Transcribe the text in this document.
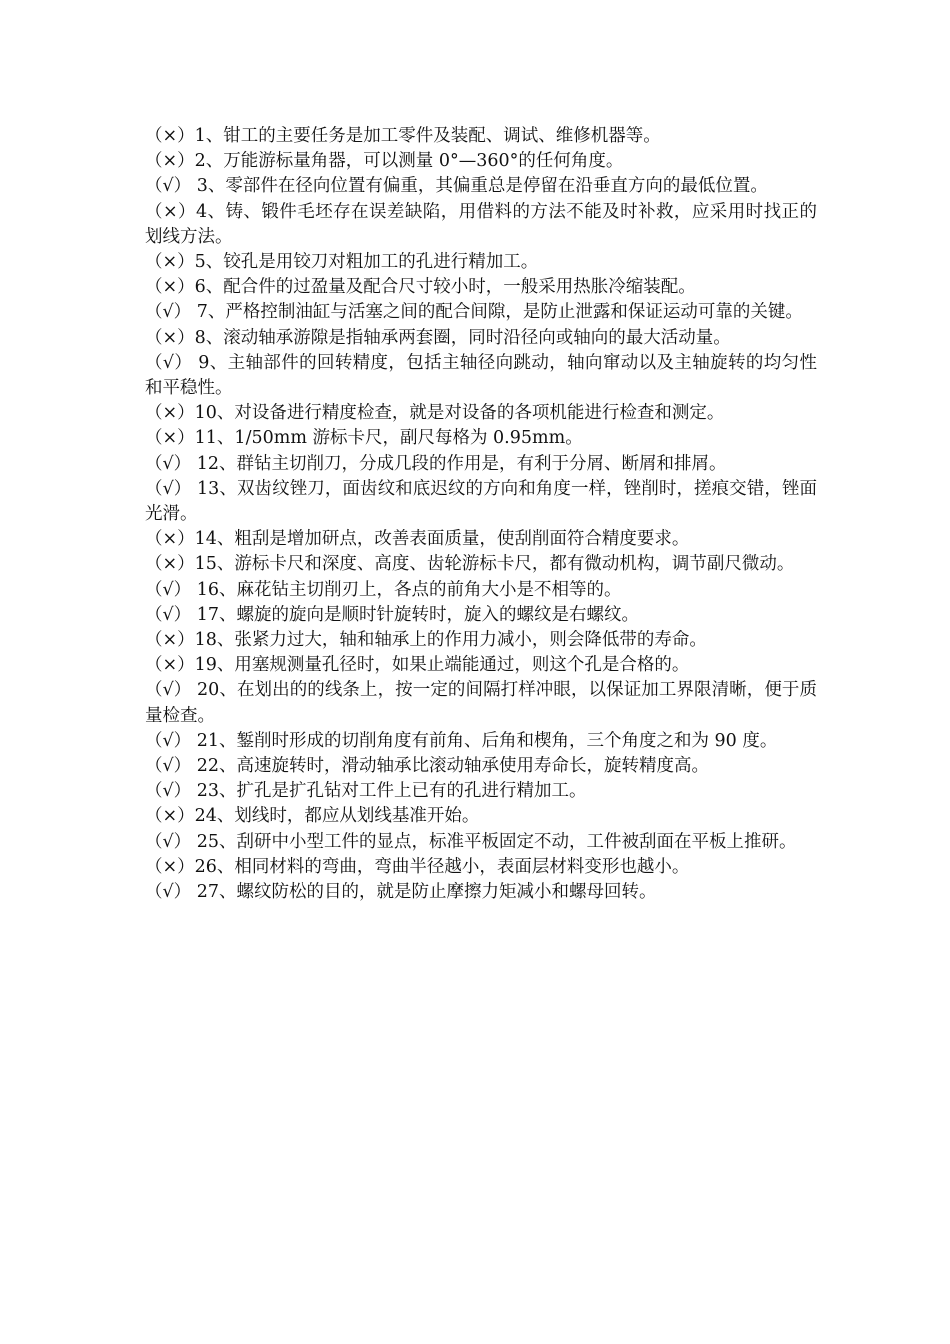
（×）1、钳工的主要任务是加工零件及装配、调试、维修机器等。

（×）2、万能游标量角器，可以测量 0°—360°的任何角度。

（√） 3、零部件在径向位置有偏重，其偏重总是停留在沿垂直方向的最低位置。

（×）4、铸、锻件毛坯存在误差缺陷，用借料的方法不能及时补救，应采用时找正的划线方法。

（×）5、铰孔是用铰刀对粗加工的孔进行精加工。

（×）6、配合件的过盈量及配合尺寸较小时，一般采用热胀冷缩装配。

（√） 7、严格控制油缸与活塞之间的配合间隙，是防止泄露和保证运动可靠的关键。

（×）8、滚动轴承游隙是指轴承两套圈，同时沿径向或轴向的最大活动量。

（√） 9、主轴部件的回转精度，包括主轴径向跳动，轴向窜动以及主轴旋转的均匀性和平稳性。

（×）10、对设备进行精度检查，就是对设备的各项机能进行检查和测定。

（×）11、1/50mm 游标卡尺，副尺每格为 0.95mm。

（√） 12、群钻主切削刀，分成几段的作用是，有利于分屑、断屑和排屑。

（√） 13、双齿纹锉刀，面齿纹和底迟纹的方向和角度一样，锉削时，搓痕交错，锉面光滑。

（×）14、粗刮是增加研点，改善表面质量，使刮削面符合精度要求。

（×）15、游标卡尺和深度、高度、齿轮游标卡尺，都有微动机构，调节副尺微动。

（√） 16、麻花钻主切削刃上，各点的前角大小是不相等的。

（√） 17、螺旋的旋向是顺时针旋转时，旋入的螺纹是右螺纹。

（×）18、张紧力过大，轴和轴承上的作用力减小，则会降低带的寿命。

（×）19、用塞规测量孔径时，如果止端能通过，则这个孔是合格的。

（√） 20、在划出的的线条上，按一定的间隔打样冲眼，以保证加工界限清晰，便于质量检查。

（√） 21、錾削时形成的切削角度有前角、后角和楔角，三个角度之和为 90 度。

（√） 22、高速旋转时，滑动轴承比滚动轴承使用寿命长，旋转精度高。

（√） 23、扩孔是扩孔钻对工件上已有的孔进行精加工。

（×）24、划线时，都应从划线基准开始。

（√） 25、刮研中小型工件的显点，标准平板固定不动，工件被刮面在平板上推研。

（×）26、相同材料的弯曲，弯曲半径越小，表面层材料变形也越小。

（√） 27、螺纹防松的目的，就是防止摩擦力矩减小和螺母回转。
